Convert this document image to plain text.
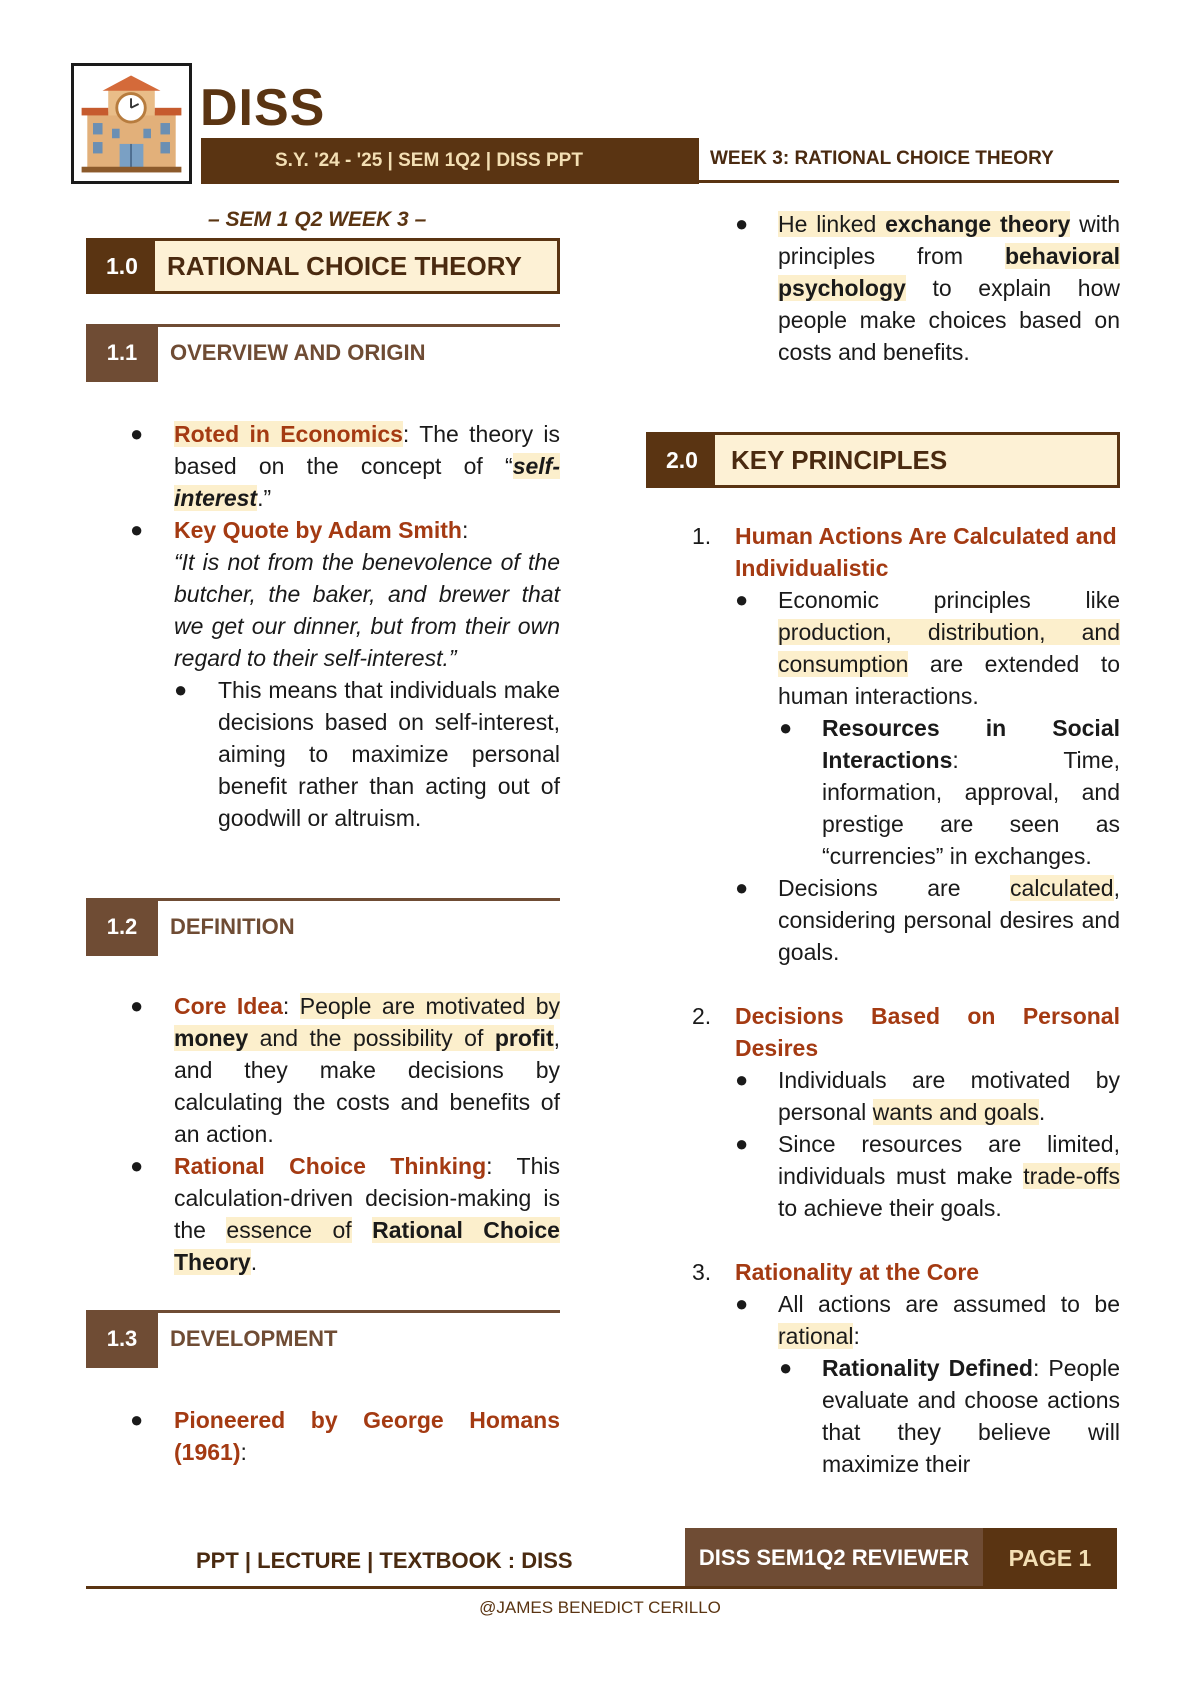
DISS
S.Y. '24 - '25 | SEM 1Q2 | DISS PPT	WEEK 3: RATIONAL CHOICE THEORY
– SEM 1 Q2 WEEK 3 –
1.0	RATIONAL CHOICE THEORY
1.1	OVERVIEW AND ORIGIN
● Roted in Economics: The theory is based on the concept of “self-interest.”
● Key Quote by Adam Smith:
“It is not from the benevolence of the butcher, the baker, and brewer that we get our dinner, but from their own regard to their self-interest.”
● This means that individuals make decisions based on self-interest, aiming to maximize personal benefit rather than acting out of goodwill or altruism.
1.2	DEFINITION
● Core Idea: People are motivated by money and the possibility of profit, and they make decisions by calculating the costs and benefits of an action.
● Rational Choice Thinking: This calculation-driven decision-making is the essence of Rational Choice Theory.
1.3	DEVELOPMENT
● Pioneered by George Homans (1961):
● He linked exchange theory with principles from behavioral psychology to explain how people make choices based on costs and benefits.
2.0	KEY PRINCIPLES
1. Human Actions Are Calculated and Individualistic
● Economic principles like production, distribution, and consumption are extended to human interactions.
● Resources in Social Interactions: Time, information, approval, and prestige are seen as “currencies” in exchanges.
● Decisions are calculated, considering personal desires and goals.
2. Decisions Based on Personal Desires
● Individuals are motivated by personal wants and goals.
● Since resources are limited, individuals must make trade-offs to achieve their goals.
3. Rationality at the Core
● All actions are assumed to be rational:
● Rationality Defined: People evaluate and choose actions that they believe will maximize their
PPT | LECTURE | TEXTBOOK : DISS	DISS SEM1Q2 REVIEWER	PAGE 1
@JAMES BENEDICT CERILLO
